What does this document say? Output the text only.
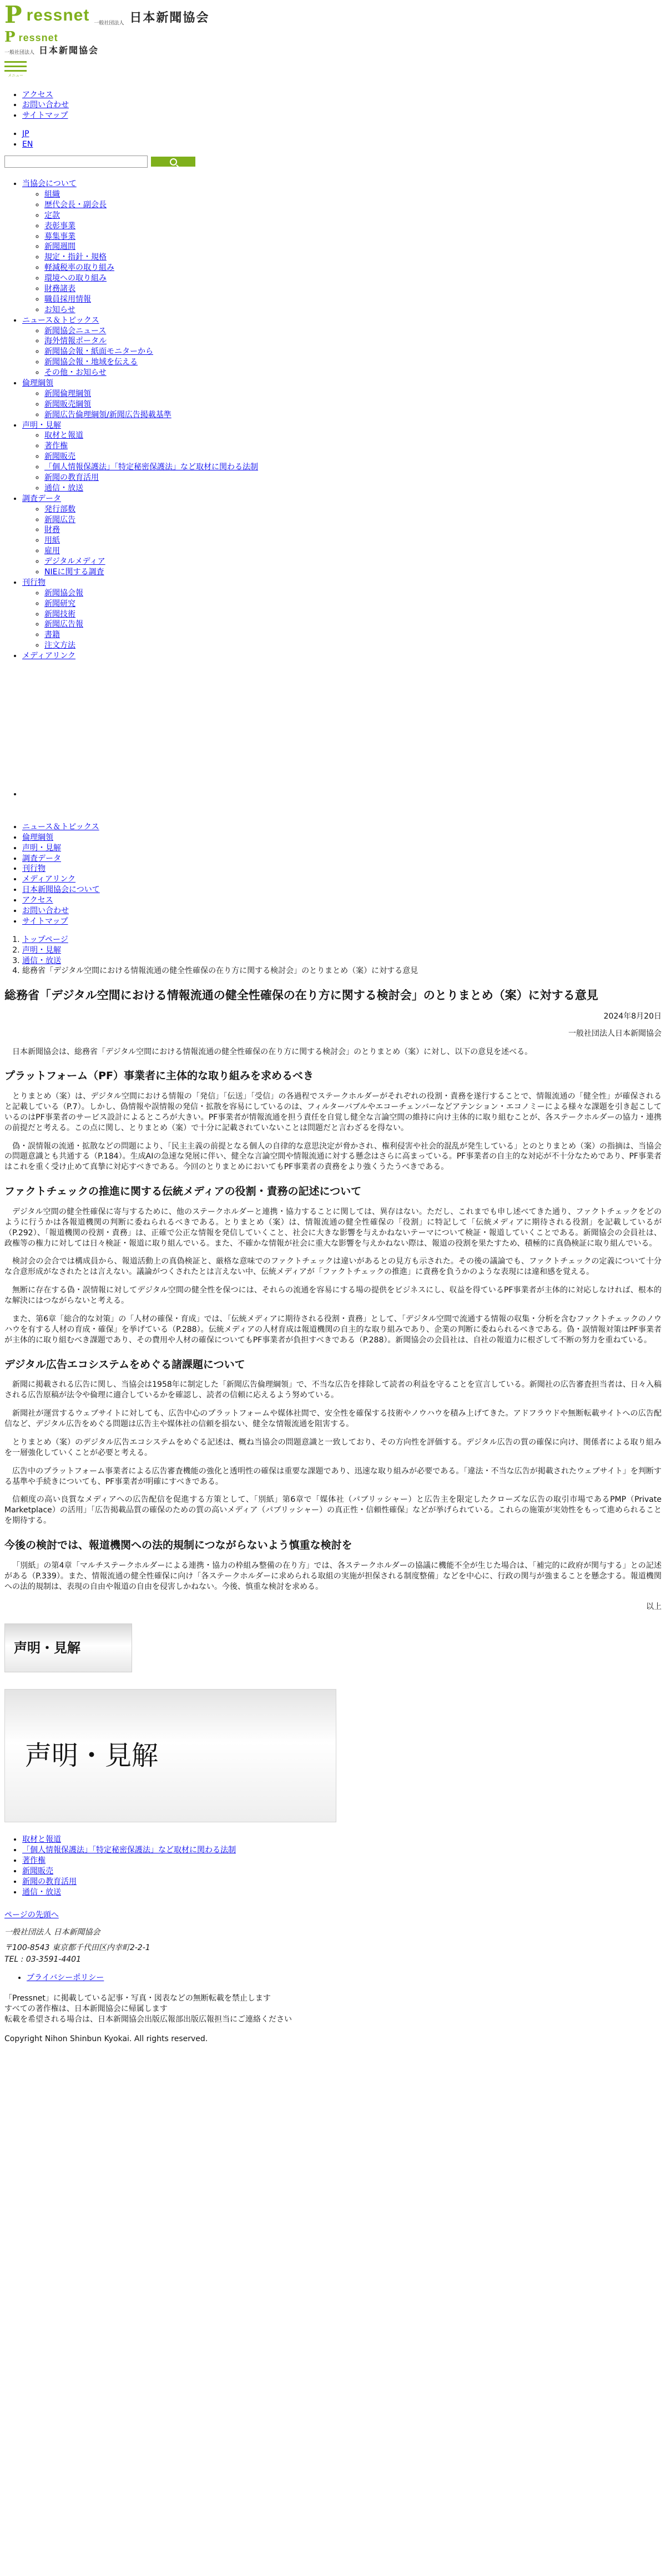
P ressnet 一般社団法人 日本新聞協会
P ressnet
一般社団法人 日本新聞協会
メニュー
• アクセス
• お問い合わせ
• サイトマップ
• JP
• EN
• 当協会について
◦ 組織
◦ 歴代会長・副会長
◦ 定款
◦ 表彰事業
◦ 募集事業
◦ 新聞週間
◦ 規定・指針・規格
◦ 軽減税率の取り組み
◦ 環境への取り組み
◦ 財務諸表
◦ 職員採用情報
◦ お知らせ
• ニュース＆トピックス
◦ 新聞協会ニュース
◦ 海外情報ポータル
◦ 新聞協会報・紙面モニターから
◦ 新聞協会報・地域を伝える
◦ その他・お知らせ
• 倫理綱領
◦ 新聞倫理綱領
◦ 新聞販売綱領
◦ 新聞広告倫理綱領/新聞広告掲載基準
• 声明・見解
◦ 取材と報道
◦ 著作権
◦ 新聞販売
◦ 「個人情報保護法」「特定秘密保護法」など取材に関わる法制
◦ 新聞の教育活用
◦ 通信・放送
• 調査データ
◦ 発行部数
◦ 新聞広告
◦ 財務
◦ 用紙
◦ 雇用
◦ デジタルメディア
◦ NIEに関する調査
• 刊行物
◦ 新聞協会報
◦ 新聞研究
◦ 新聞技術
◦ 新聞広告報
◦ 書籍
◦ 注文方法
• メディアリンク
•
• ニュース＆トピックス
• 倫理綱領
• 声明・見解
• 調査データ
• 刊行物
• メディアリンク
• 日本新聞協会について
• アクセス
• お問い合わせ
• サイトマップ
1. トップページ
2. 声明・見解
3. 通信・放送
4. 総務省「デジタル空間における情報流通の健全性確保の在り方に関する検討会」のとりまとめ（案）に対する意見
総務省「デジタル空間における情報流通の健全性確保の在り方に関する検討会」のとりまとめ（案）に対する意見
2024年8月20日
一般社団法人日本新聞協会

日本新聞協会は、総務省「デジタル空間における情報流通の健全性確保の在り方に関する検討会」のとりまとめ（案）に対し、以下の意見を述べる。

プラットフォーム（PF）事業者に主体的な取り組みを求めるべき

とりまとめ（案）は、デジタル空間における情報の「発信」「伝送」「受信」の各過程でステークホルダーがそれぞれの役割・責務を遂行することで、情報流通の「健全性」が確保されると記載している（P.7）。しかし、偽情報や誤情報の発信・拡散を容易にしているのは、フィルターバブルやエコーチェンバーなどアテンション・エコノミーによる様々な課題を引き起こしているのはPF事業者のサービス設計によるところが大きい。PF事業者が情報流通を担う責任を自覚し健全な言論空間の維持に向け主体的に取り組むことが、各ステークホルダーの協力・連携の前提だと考える。この点に関し、とりまとめ（案）で十分に記載されていないことは問題だと言わざるを得ない。

偽・誤情報の流通・拡散などの問題により、「民主主義の前提となる個人の自律的な意思決定が脅かされ、権利侵害や社会的混乱が発生している」とのとりまとめ（案）の指摘は、当協会の問題意識とも共通する（P.184）。生成AIの急速な発展に伴い、健全な言論空間や情報流通に対する懸念はさらに高まっている。PF事業者の自主的な対応が不十分なためであり、PF事業者はこれを重く受け止めて真摯に対応すべきである。今回のとりまとめにおいてもPF事業者の責務をより強くうたうべきである。

ファクトチェックの推進に関する伝統メディアの役割・責務の記述について

デジタル空間の健全性確保に寄与するために、他のステークホルダーと連携・協力することに関しては、異存はない。ただし、これまでも申し述べてきた通り、ファクトチェックをどのように行うかは各報道機関の判断に委ねられるべきである。とりまとめ（案）は、情報流通の健全性確保の「役割」に特記して「伝統メディアに期待される役割」を記載しているが（P.292）、「報道機関の役割・責務」は、正確で公正な情報を発信していくこと、社会に大きな影響を与えかねないテーマについて検証・報道していくことである。新聞協会の会員社は、政権等の権力に対しては日々検証・報道に取り組んでいる。また、不確かな情報が社会に重大な影響を与えかねない際は、報道の役割を果たすため、積極的に真偽検証に取り組んでいる。

検討会の会合では構成員から、報道活動上の真偽検証と、厳格な意味でのファクトチェックは違いがあるとの見方も示された。その後の議論でも、ファクトチェックの定義について十分な合意形成がなされたとは言えない。議論がつくされたとは言えない中、伝統メディアが「ファクトチェックの推進」に責務を負うかのような表現には違和感を覚える。

無断に存在する偽・誤情報に対してデジタル空間の健全性を保つには、それらの流通を容易にする場の提供をビジネスにし、収益を得ているPF事業者が主体的に対応しなければ、根本的な解決にはつながらないと考える。

また、第6章「総合的な対策」の「人材の確保・育成」では、「伝統メディアに期待される役割・責務」として、「デジタル空間で流通する情報の収集・分析を含むファクトチェックのノウハウを有する人材の育成・確保」を挙げている（P.288）。伝統メディアの人材育成は報道機関の自主的な取り組みであり、企業の判断に委ねられるべきである。偽・誤情報対策はPF事業者が主体的に取り組むべき課題であり、その費用や人材の確保についてもPF事業者が負担すべきである（P.288）。新聞協会の会員社は、自社の報道力に根ざして不断の努力を重ねている。

デジタル広告エコシステムをめぐる諸課題について

新聞に掲載される広告に関し、当協会は1958年に制定した「新聞広告倫理綱領」で、不当な広告を排除して読者の利益を守ることを宣言している。新聞社の広告審査担当者は、日々入稿される広告原稿が法令や倫理に適合しているかを確認し、読者の信頼に応えるよう努めている。

新聞社が運営するウェブサイトに対しても、広告中心のプラットフォームや媒体社間で、安全性を確保する技術やノウハウを積み上げてきた。アドフラウドや無断転載サイトへの広告配信など、デジタル広告をめぐる問題は広告主や媒体社の信頼を損ない、健全な情報流通を阻害する。

とりまとめ（案）のデジタル広告エコシステムをめぐる記述は、概ね当協会の問題意識と一致しており、その方向性を評価する。デジタル広告の質の確保に向け、関係者による取り組みを一層強化していくことが必要と考える。

広告中のプラットフォーム事業者による広告審査機能の強化と透明性の確保は重要な課題であり、迅速な取り組みが必要である。「違法・不当な広告が掲載されたウェブサイト」を判断する基準や手続きについても、PF事業者が明確にすべきである。

信頼度の高い良質なメディアへの広告配信を促進する方策として、「別紙」第6章で「媒体社（パブリッシャー）と広告主を限定したクローズな広告の取引市場であるPMP（Private Marketplace）の活用」「広告掲載品質の確保のための質の高いメディア（パブリッシャー）の真正性・信頼性確保」などが挙げられている。これらの施策が実効性をもって進められることを期待する。

今後の検討では、報道機関への法的規制につながらないよう慎重な検討を

「別紙」の第4章「マルチステークホルダーによる連携・協力の枠組み整備の在り方」では、各ステークホルダーの協議に機能不全が生じた場合は、「補完的に政府が関与する」との記述がある（P.339）。また、情報流通の健全性確保に向け「各ステークホルダーに求められる取組の実施が担保される制度整備」などを中心に、行政の関与が強まることを懸念する。報道機関への法的規制は、表現の自由や報道の自由を侵害しかねない。今後、慎重な検討を求める。

以上
声明・見解
声明・見解
• 取材と報道
• 「個人情報保護法」「特定秘密保護法」など取材に関わる法制
• 著作権
• 新聞販売
• 新聞の教育活用
• 通信・放送
ページの先頭へ

一般社団法人 日本新聞協会

〒100-8543 東京都千代田区内幸町2-2-1

TEL : 03-3591-4401

• プライバシーポリシー
「Pressnet」に掲載している記事・写真・図表などの無断転載を禁止します
すべての著作権は、日本新聞協会に帰属します
転載を希望される場合は、日本新聞協会出版広報部出版広報担当にご連絡ください
Copyright Nihon Shinbun Kyokai. All rights reserved.
